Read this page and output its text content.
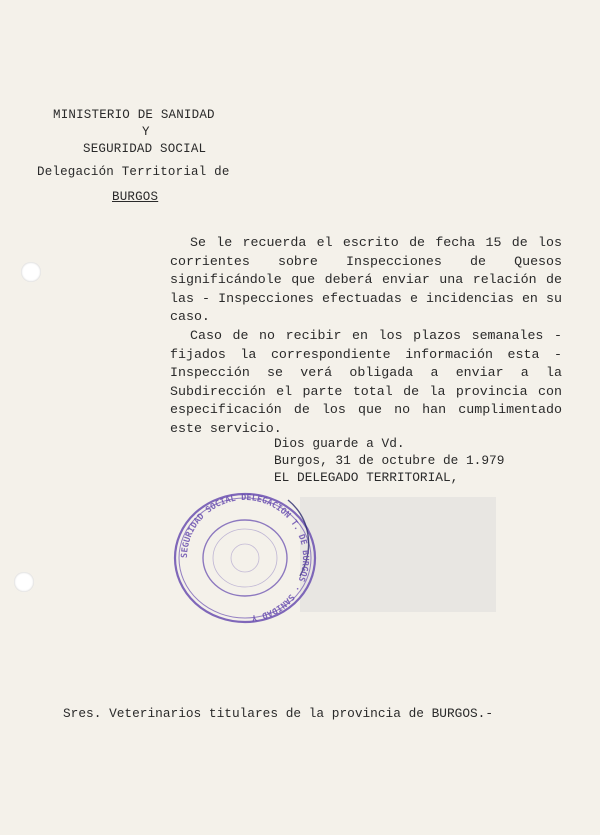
MINISTERIO DE SANIDAD
Y
SEGURIDAD SOCIAL
Delegación Territorial de
BURGOS

Se le recuerda el escrito de fecha 15 de los corrientes sobre Inspecciones de Quesos significándole que deberá enviar una relación de las - Inspecciones efectuadas e incidencias en su caso.

Caso de no recibir en los plazos semanales - fijados la correspondiente información esta - Inspección se verá obligada a enviar a la Subdirección el parte total de la provincia con especificación de los que no han cumplimentado este servicio.

Dios guarde a Vd.
Burgos, 31 de octubre de 1.979
EL DELEGADO TERRITORIAL,
SEGURIDAD SOCIAL DELEGACION T. DE BURGOS · SANIDAD Y
Sres. Veterinarios titulares de la provincia de BURGOS.-
